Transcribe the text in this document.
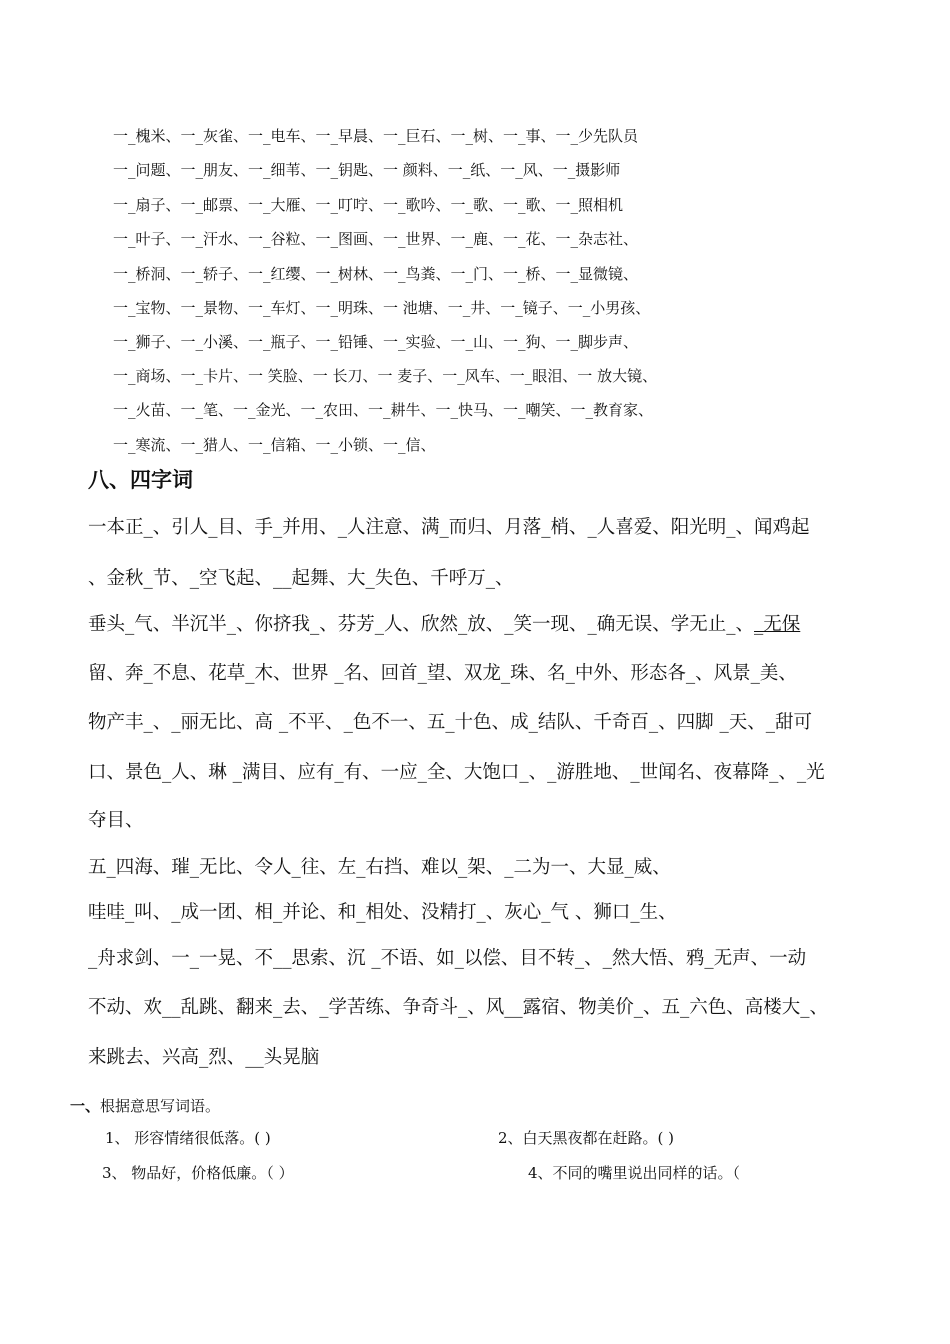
一_槐米、一_灰雀、一_电车、一_早晨、一_巨石、一_树、一_事、一_少先队员
一_问题、一_朋友、一_细苇、一_钥匙、一 颜料、一_纸、一_风、一_摄影师
一_扇子、一_邮票、一_大雁、一_叮咛、一_歌吟、一_歌、一_歌、一_照相机
一_叶子、一_汗水、一_谷粒、一_图画、一_世界、一_鹿、一_花、一_杂志社、
一_桥洞、一_轿子、一_红缨、一_树林、一_鸟粪、一_门、一_桥、一_显微镜、
一_宝物、一_景物、一_车灯、一_明珠、一 池塘、一_井、一_镜子、一_小男孩、
一_狮子、一_小溪、一_瓶子、一_铅锤、一_实验、一_山、一_狗、一_脚步声、
一_商场、一_卡片、一 笑脸、一 长刀、一 麦子、一_风车、一_眼泪、一 放大镜、
一_火苗、一_笔、一_金光、一_农田、一_耕牛、一_快马、一_嘲笑、一_教育家、
一_寒流、一_猎人、一_信箱、一_小锁、一_信、
八、四字词
一本正_、引人_目、手_并用、_人注意、满_而归、月落_梢、_人喜爱、阳光明_、闻鸡起
、金秋_节、_空飞起、__起舞、大_失色、千呼万_、
垂头_气、半沉半_、你挤我_、芬芳_人、欣然_放、_笑一现、_确无误、学无止_、_无保
留、奔_不息、花草_木、世界 _名、回首_望、双龙_珠、名_中外、形态各_、风景_美、
物产丰_、_丽无比、高 _不平、_色不一、五_十色、成_结队、千奇百_、四脚 _天、_甜可
口、景色_人、琳 _满目、应有_有、一应_全、大饱口_、_游胜地、_世闻名、夜幕降_、_光
夺目、
五_四海、璀_无比、令人_往、左_右挡、难以_架、_二为一、大显_威、
哇哇_叫、_成一团、相_并论、和_相处、没精打_、灰心_气 、狮口_生、
_舟求剑、一_一晃、不__思索、沉 _不语、如_以偿、目不转_、_然大悟、鸦_无声、一动
不动、欢__乱跳、翻来_去、_学苦练、争奇斗_、风__露宿、物美价_、五_六色、高楼大_、
来跳去、兴高_烈、__头晃脑
一、根据意思写词语。
1、 形容情绪很低落。( )	2、白天黑夜都在赶路。( )
3、 物品好，价格低廉。（ ）	4、不同的嘴里说出同样的话。（
